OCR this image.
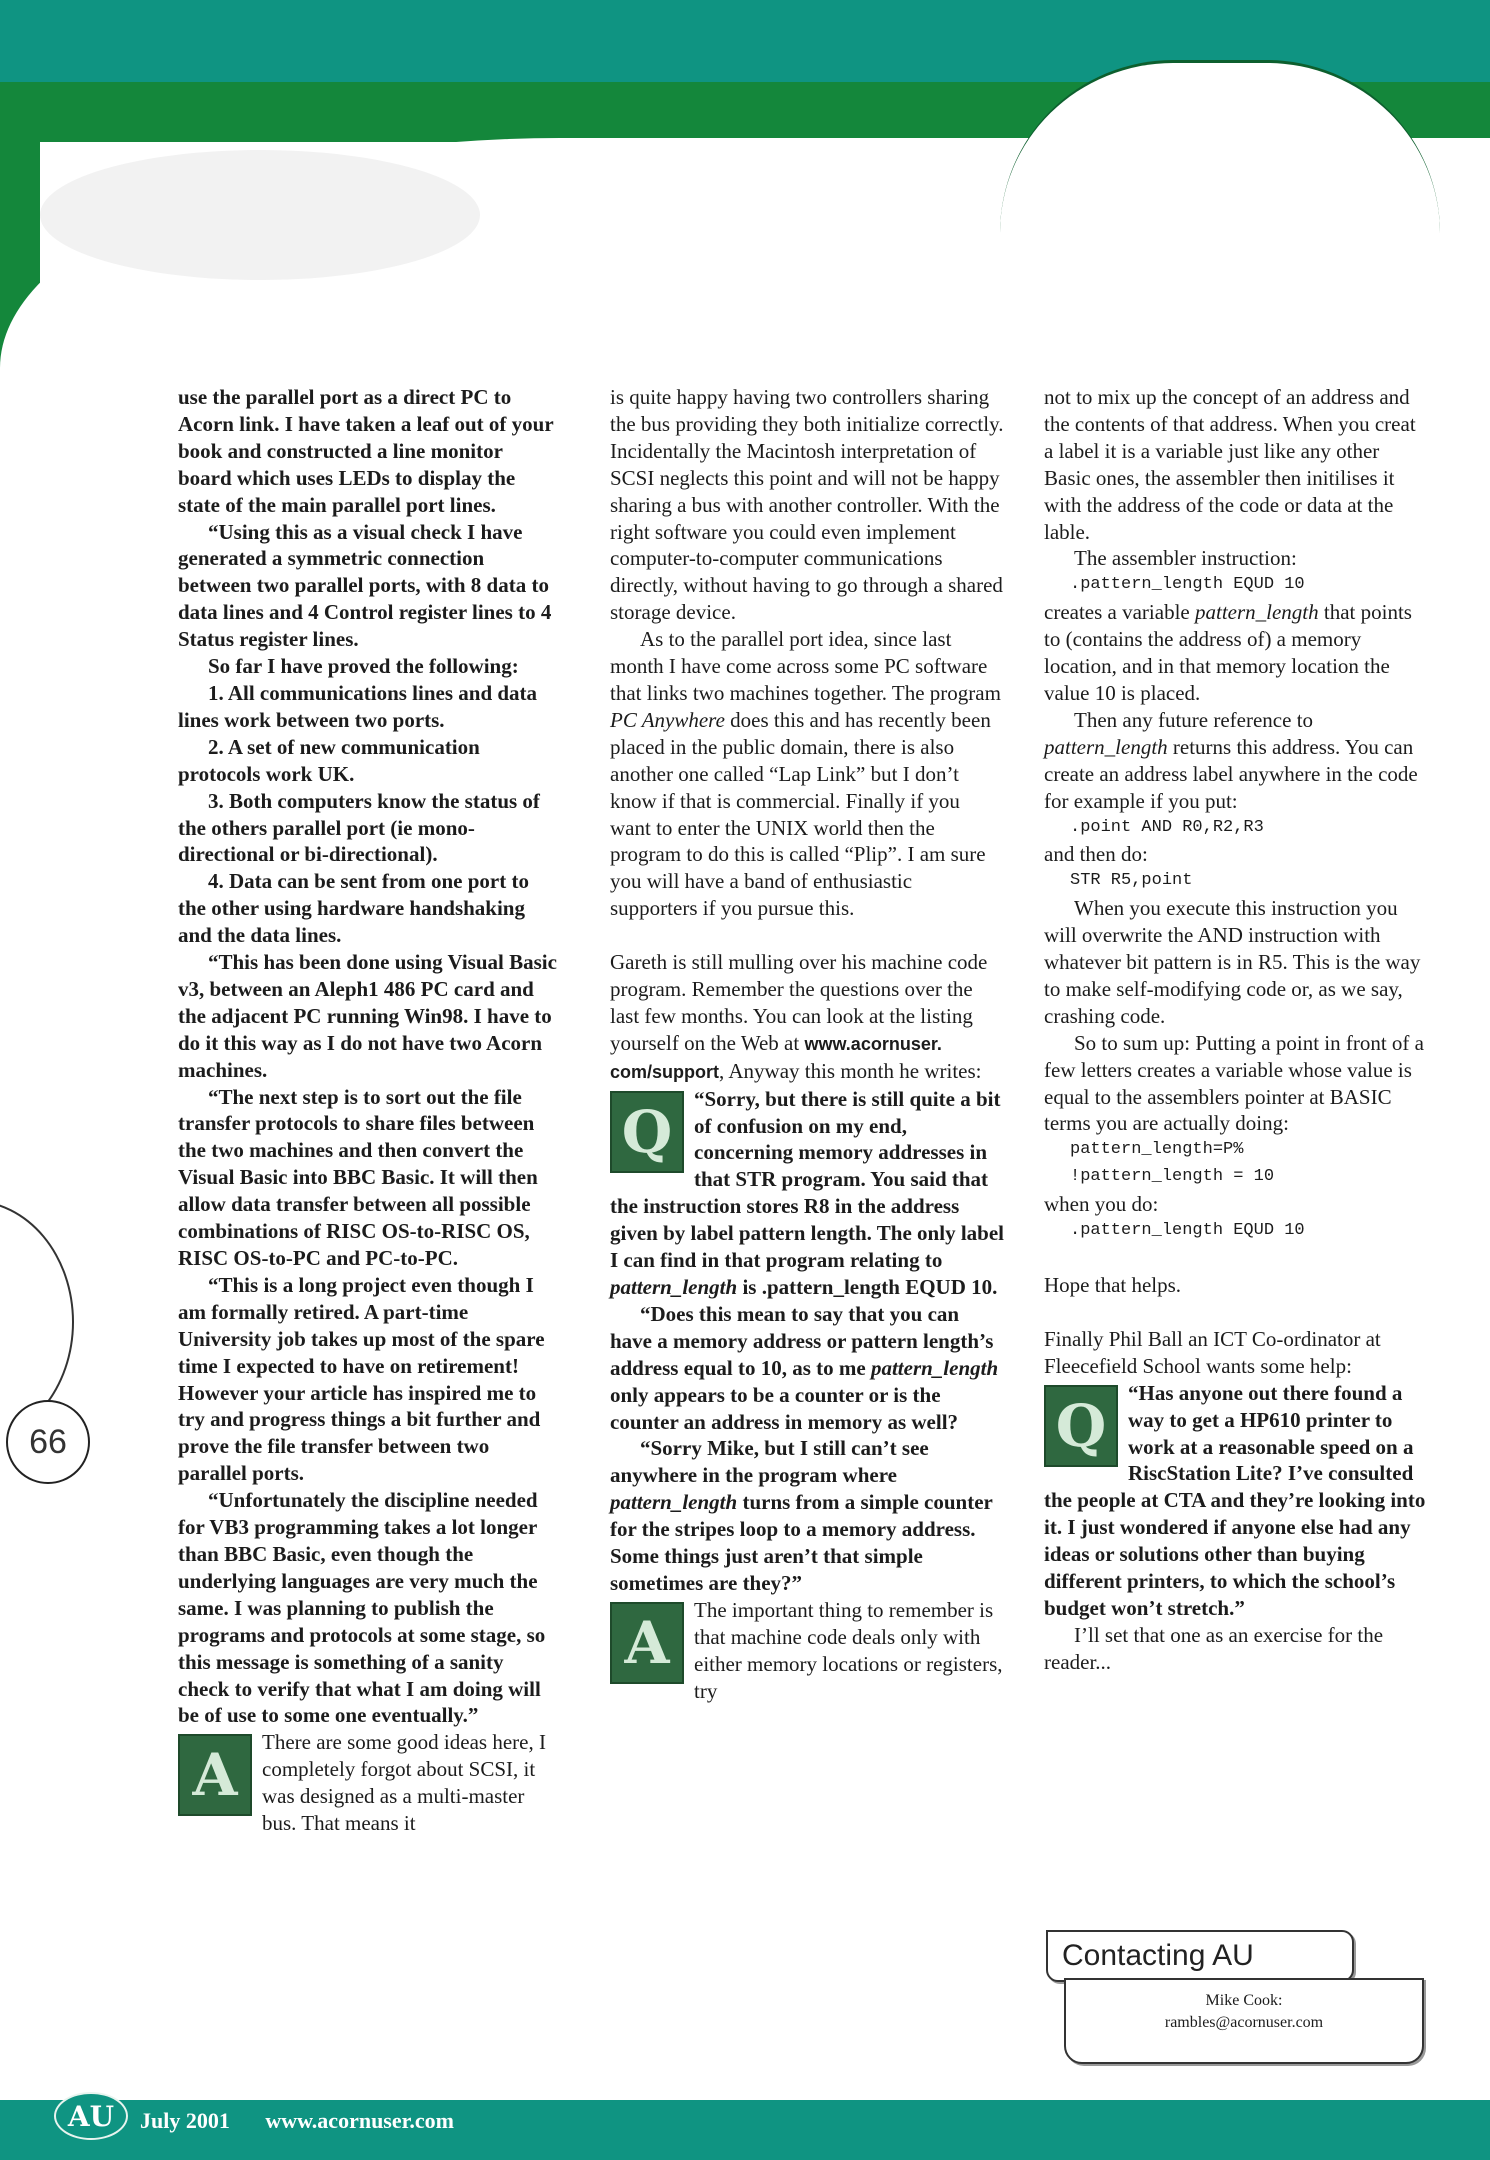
66

use the parallel port as a direct PC to Acorn link. I have taken a leaf out of your book and constructed a line monitor board which uses LEDs to display the state of the main parallel port lines.

“Using this as a visual check I have generated a symmetric connection between two parallel ports, with 8 data to data lines and 4 Control register lines to 4 Status register lines.

So far I have proved the following:

1. All communications lines and data lines work between two ports.

2. A set of new communication protocols work UK.

3. Both computers know the status of the others parallel port (ie mono-directional or bi-directional).

4. Data can be sent from one port to the other using hardware handshaking and the data lines.

“This has been done using Visual Basic v3, between an Aleph1 486 PC card and the adjacent PC running Win98. I have to do it this way as I do not have two Acorn machines.

“The next step is to sort out the file transfer protocols to share files between the two machines and then convert the Visual Basic into BBC Basic. It will then allow data transfer between all possible combinations of RISC OS-to-RISC OS, RISC OS-to-PC and PC-to-PC.

“This is a long project even though I am formally retired. A part-time University job takes up most of the spare time I expected to have on retirement! However your article has inspired me to try and progress things a bit further and prove the file transfer between two parallel ports.

“Unfortunately the discipline needed for VB3 programming takes a lot longer than BBC Basic, even though the underlying languages are very much the same. I was planning to publish the programs and protocols at some stage, so this message is something of a sanity check to verify that what I am doing will be of use to some one eventually.”

A	There are some good ideas here, I completely forgot about SCSI, it was designed as a multi-master bus. That means it

is quite happy having two controllers sharing the bus providing they both initialize correctly. Incidentally the Macintosh interpretation of SCSI neglects this point and will not be happy sharing a bus with another controller. With the right software you could even implement computer-to-computer communications directly, without having to go through a shared storage device.

As to the parallel port idea, since last month I have come across some PC software that links two machines together. The program PC Anywhere does this and has recently been placed in the public domain, there is also another one called “Lap Link” but I don’t know if that is commercial. Finally if you want to enter the UNIX world then the program to do this is called “Plip”. I am sure you will have a band of enthusiastic supporters if you pursue this.

Gareth is still mulling over his machine code program. Remember the questions over the last few months. You can look at the listing yourself on the Web at www.acornuser. com/support, Anyway this month he writes:

Q	“Sorry, but there is still quite a bit of confusion on my end, concerning memory addresses in that STR program. You said that the instruction stores R8 in the address given by label pattern length. The only label I can find in that program relating to pattern_length is .pattern_length EQUD 10.

“Does this mean to say that you can have a memory address or pattern length’s address equal to 10, as to me pattern_length only appears to be a counter or is the counter an address in memory as well?

“Sorry Mike, but I still can’t see anywhere in the program where pattern_length turns from a simple counter for the stripes loop to a memory address. Some things just aren’t that simple sometimes are they?”

A	The important thing to remember is that machine code deals only with either memory locations or registers, try

not to mix up the concept of an address and the contents of that address. When you creat a label it is a variable just like any other Basic ones, the assembler then initilises it with the address of the code or data at the lable.

The assembler instruction:

.pattern_length EQUD 10

creates a variable pattern_length that points to (contains the address of) a memory location, and in that memory location the value 10 is placed.

Then any future reference to pattern_length returns this address. You can create an address label anywhere in the code for example if you put:

.point AND R0,R2,R3

and then do:

STR R5,point

When you execute this instruction you will overwrite the AND instruction with whatever bit pattern is in R5. This is the way to make self-modifying code or, as we say, crashing code.

So to sum up: Putting a point in front of a few letters creates a variable whose value is equal to the assemblers pointer at BASIC terms you are actually doing:

pattern_length=P%
!pattern_length = 10

when you do:

.pattern_length EQUD 10

Hope that helps.

Finally Phil Ball an ICT Co-ordinator at Fleecefield School wants some help:

Q	“Has anyone out there found a way to get a HP610 printer to work at a reasonable speed on a RiscStation Lite? I’ve consulted the people at CTA and they’re looking into it. I just wondered if anyone else had any ideas or solutions other than buying different printers, to which the school’s budget won’t stretch.”

I’ll set that one as an exercise for the reader...

Contacting AU
Mike Cook:
rambles@acornuser.com
AU	July 2001 www.acornuser.com
